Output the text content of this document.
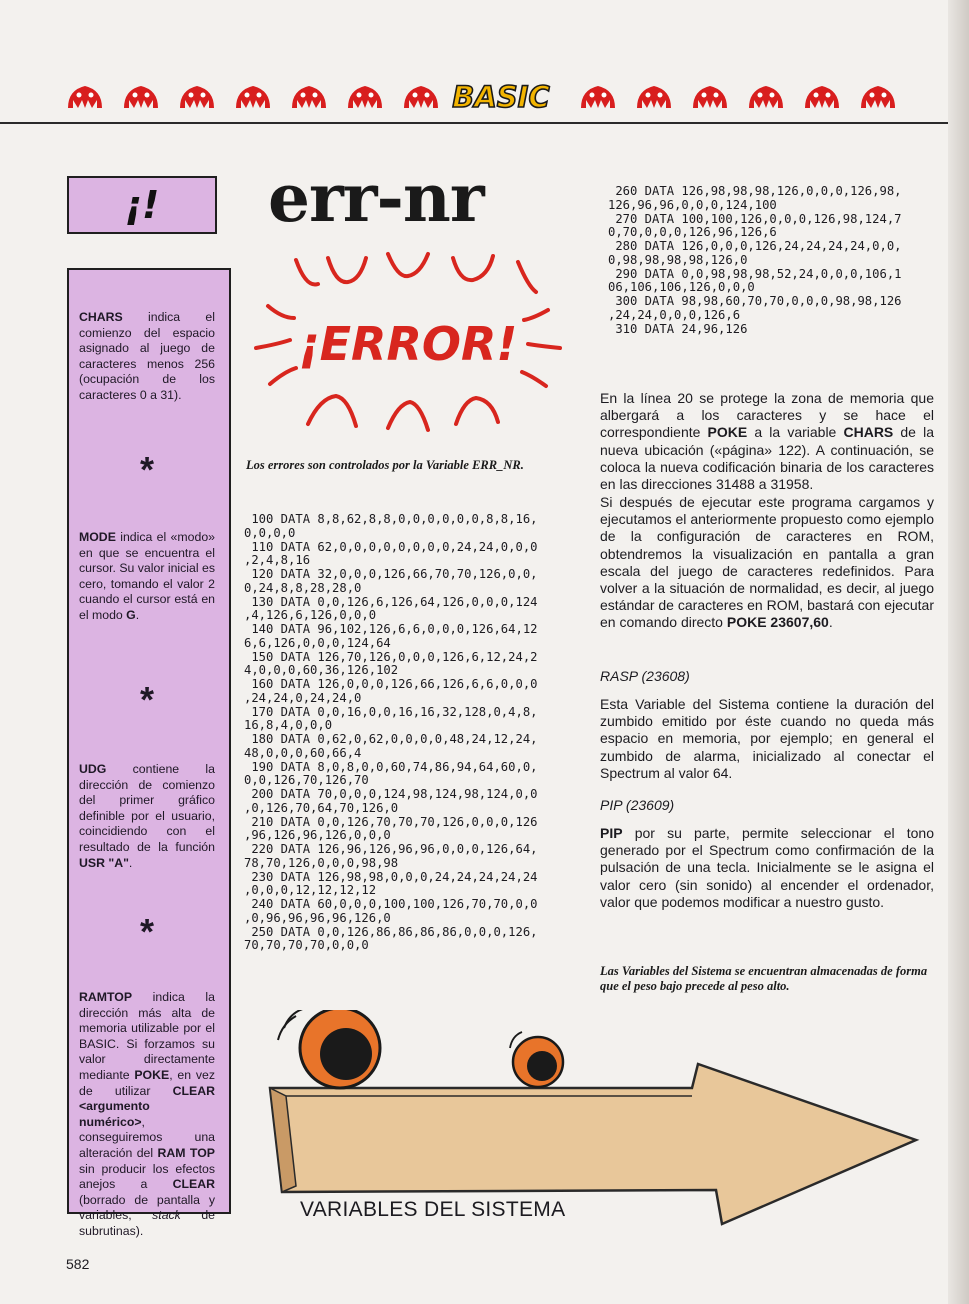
BASIC
¡!
CHARS indica el comienzo del espacio asignado al juego de caracteres menos 256 (ocupación de los caracteres 0 a 31).
*
MODE indica el «modo» en que se encuentra el cursor. Su valor inicial es cero, tomando el valor 2 cuando el cursor está en el modo G.
*
UDG contiene la dirección de comienzo del primer gráfico definible por el usuario, coincidiendo con el resultado de la función USR "A".
*
RAMTOP indica la dirección más alta de memoria utilizable por el BASIC. Si forzamos su valor directamente mediante POKE, en vez de utilizar CLEAR <argumento numérico>, conseguiremos una alteración del RAM TOP sin producir los efectos anejos a CLEAR (borrado de pantalla y variables, stack de subrutinas).
err-nr
¡ERROR!
Los errores son controlados por la Variable ERR_NR.
100 DATA 8,8,62,8,8,0,0,0,0,0,0,8,8,16,
0,0,0,0
110 DATA 62,0,0,0,0,0,0,0,0,24,24,0,0,0
,2,4,8,16
120 DATA 32,0,0,0,126,66,70,70,126,0,0,
0,24,8,8,28,28,0
130 DATA 0,0,126,6,126,64,126,0,0,0,124
,4,126,6,126,0,0,0
140 DATA 96,102,126,6,6,0,0,0,126,64,12
6,6,126,0,0,0,124,64
150 DATA 126,70,126,0,0,0,126,6,12,24,2
4,0,0,0,60,36,126,102
160 DATA 126,0,0,0,126,66,126,6,6,0,0,0
,24,24,0,24,24,0
170 DATA 0,0,16,0,0,16,16,32,128,0,4,8,
16,8,4,0,0,0
180 DATA 0,62,0,62,0,0,0,0,48,24,12,24,
48,0,0,0,60,66,4
190 DATA 8,0,8,0,0,60,74,86,94,64,60,0,
0,0,126,70,126,70
200 DATA 70,0,0,0,124,98,124,98,124,0,0
,0,126,70,64,70,126,0
210 DATA 0,0,126,70,70,70,126,0,0,0,126
,96,126,96,126,0,0,0
220 DATA 126,96,126,96,96,0,0,0,126,64,
78,70,126,0,0,0,98,98
230 DATA 126,98,98,0,0,0,24,24,24,24,24
,0,0,0,12,12,12,12
240 DATA 60,0,0,0,100,100,126,70,70,0,0
,0,96,96,96,96,126,0
250 DATA 0,0,126,86,86,86,86,0,0,0,126,
70,70,70,70,0,0,0
260 DATA 126,98,98,98,126,0,0,0,126,98,
126,96,96,0,0,0,124,100
270 DATA 100,100,126,0,0,0,126,98,124,7
0,70,0,0,0,126,96,126,6
280 DATA 126,0,0,0,126,24,24,24,24,0,0,
0,98,98,98,98,126,0
290 DATA 0,0,98,98,98,52,24,0,0,0,106,1
06,106,106,126,0,0,0
300 DATA 98,98,60,70,70,0,0,0,98,98,126
,24,24,0,0,0,126,6
310 DATA 24,96,126
En la línea 20 se protege la zona de memoria que albergará a los caracteres y se hace el correspondiente POKE a la variable CHARS de la nueva ubicación («página» 122). A continuación, se coloca la nueva codificación binaria de los caracteres en las direcciones 31488 a 31958.
Si después de ejecutar este programa cargamos y ejecutamos el anteriormente propuesto como ejemplo de la configuración de caracteres en ROM, obtendremos la visualización en pantalla a gran escala del juego de caracteres redefinidos. Para volver a la situación de normalidad, es decir, al juego estándar de caracteres en ROM, bastará con ejecutar en comando directo POKE 23607,60.
RASP (23608)
Esta Variable del Sistema contiene la duración del zumbido emitido por éste cuando no queda más espacio en memoria, por ejemplo; en general el zumbido de alarma, inicializado al conectar el Spectrum al valor 64.
PIP (23609)
PIP por su parte, permite seleccionar el tono generado por el Spectrum como confirmación de la pulsación de una tecla. Inicialmente se le asigna el valor cero (sin sonido) al encender el ordenador, valor que podemos modificar a nuestro gusto.
Las Variables del Sistema se encuentran almacenadas de forma que el peso bajo precede al peso alto.
VARIABLES DEL SISTEMA
582
